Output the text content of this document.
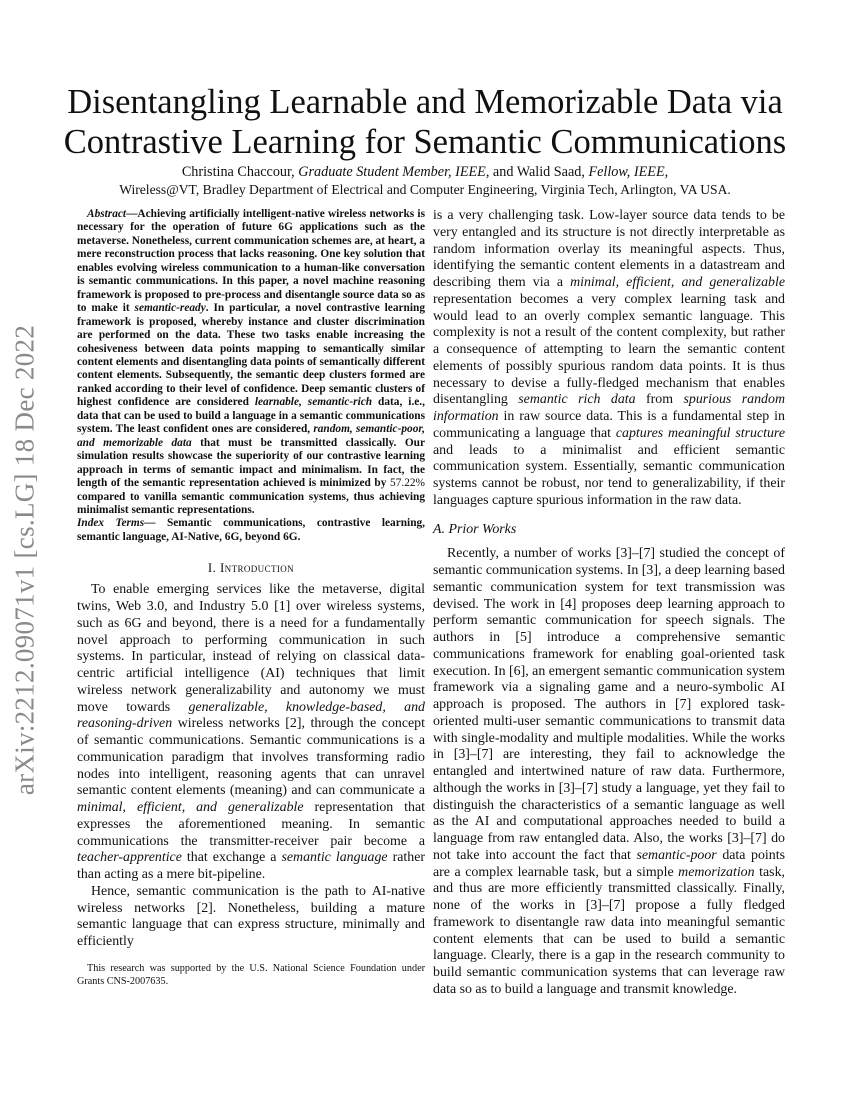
Disentangling Learnable and Memorizable Data via
Contrastive Learning for Semantic Communications
Christina Chaccour, Graduate Student Member, IEEE, and Walid Saad, Fellow, IEEE,
Wireless@VT, Bradley Department of Electrical and Computer Engineering, Virginia Tech, Arlington, VA USA.
arXiv:2212.09071v1 [cs.LG] 18 Dec 2022

Abstract—Achieving artificially intelligent-native wireless networks is necessary for the operation of future 6G applications such as the metaverse. Nonetheless, current communication schemes are, at heart, a mere reconstruction process that lacks reasoning. One key solution that enables evolving wireless communication to a human-like conversation is semantic communications. In this paper, a novel machine reasoning framework is proposed to pre-process and disentangle source data so as to make it semantic-ready. In particular, a novel contrastive learning framework is proposed, whereby instance and cluster discrimination are performed on the data. These two tasks enable increasing the cohesiveness between data points mapping to semantically similar content elements and disentangling data points of semantically different content elements. Subsequently, the semantic deep clusters formed are ranked according to their level of confidence. Deep semantic clusters of highest confidence are considered learnable, semantic-rich data, i.e., data that can be used to build a language in a semantic communications system. The least confident ones are considered, random, semantic-poor, and memorizable data that must be transmitted classically. Our simulation results showcase the superiority of our contrastive learning approach in terms of semantic impact and minimalism. In fact, the length of the semantic representation achieved is minimized by 57.22% compared to vanilla semantic communication systems, thus achieving minimalist semantic representations.

Index Terms— Semantic communications, contrastive learning, semantic language, AI-Native, 6G, beyond 6G.

I. Introduction

To enable emerging services like the metaverse, digital twins, Web 3.0, and Industry 5.0 [1] over wireless systems, such as 6G and beyond, there is a need for a fundamentally novel approach to performing communication in such systems. In particular, instead of relying on classical data-centric artificial intelligence (AI) techniques that limit wireless network generalizability and autonomy we must move towards generalizable, knowledge-based, and reasoning-driven wireless networks [2], through the concept of semantic communications. Semantic communications is a communication paradigm that involves transforming radio nodes into intelligent, reasoning agents that can unravel semantic content elements (meaning) and can communicate a minimal, efficient, and generalizable representation that expresses the aforementioned meaning. In semantic communications the transmitter-receiver pair become a teacher-apprentice that exchange a semantic language rather than acting as a mere bit-pipeline.

Hence, semantic communication is the path to AI-native wireless networks [2]. Nonetheless, building a mature semantic language that can express structure, minimally and efficiently

This research was supported by the U.S. National Science Foundation under Grants CNS-2007635.

is a very challenging task. Low-layer source data tends to be very entangled and its structure is not directly interpretable as random information overlay its meaningful aspects. Thus, identifying the semantic content elements in a datastream and describing them via a minimal, efficient, and generalizable representation becomes a very complex learning task and would lead to an overly complex semantic language. This complexity is not a result of the content complexity, but rather a consequence of attempting to learn the semantic content elements of possibly spurious random data points. It is thus necessary to devise a fully-fledged mechanism that enables disentangling semantic rich data from spurious random information in raw source data. This is a fundamental step in communicating a language that captures meaningful structure and leads to a minimalist and efficient semantic communication system. Essentially, semantic communication systems cannot be robust, nor tend to generalizability, if their languages capture spurious information in the raw data.

A. Prior Works

Recently, a number of works [3]–[7] studied the concept of semantic communication systems. In [3], a deep learning based semantic communication system for text transmission was devised. The work in [4] proposes deep learning approach to perform semantic communication for speech signals. The authors in [5] introduce a comprehensive semantic communications framework for enabling goal-oriented task execution. In [6], an emergent semantic communication system framework via a signaling game and a neuro-symbolic AI approach is proposed. The authors in [7] explored task-oriented multi-user semantic communications to transmit data with single-modality and multiple modalities. While the works in [3]–[7] are interesting, they fail to acknowledge the entangled and intertwined nature of raw data. Furthermore, although the works in [3]–[7] study a language, yet they fail to distinguish the characteristics of a semantic language as well as the AI and computational approaches needed to build a language from raw entangled data. Also, the works [3]–[7] do not take into account the fact that semantic-poor data points are a complex learnable task, but a simple memorization task, and thus are more efficiently transmitted classically. Finally, none of the works in [3]–[7] propose a fully fledged framework to disentangle raw data into meaningful semantic content elements that can be used to build a semantic language. Clearly, there is a gap in the research community to build semantic communication systems that can leverage raw data so as to build a language and transmit knowledge.
